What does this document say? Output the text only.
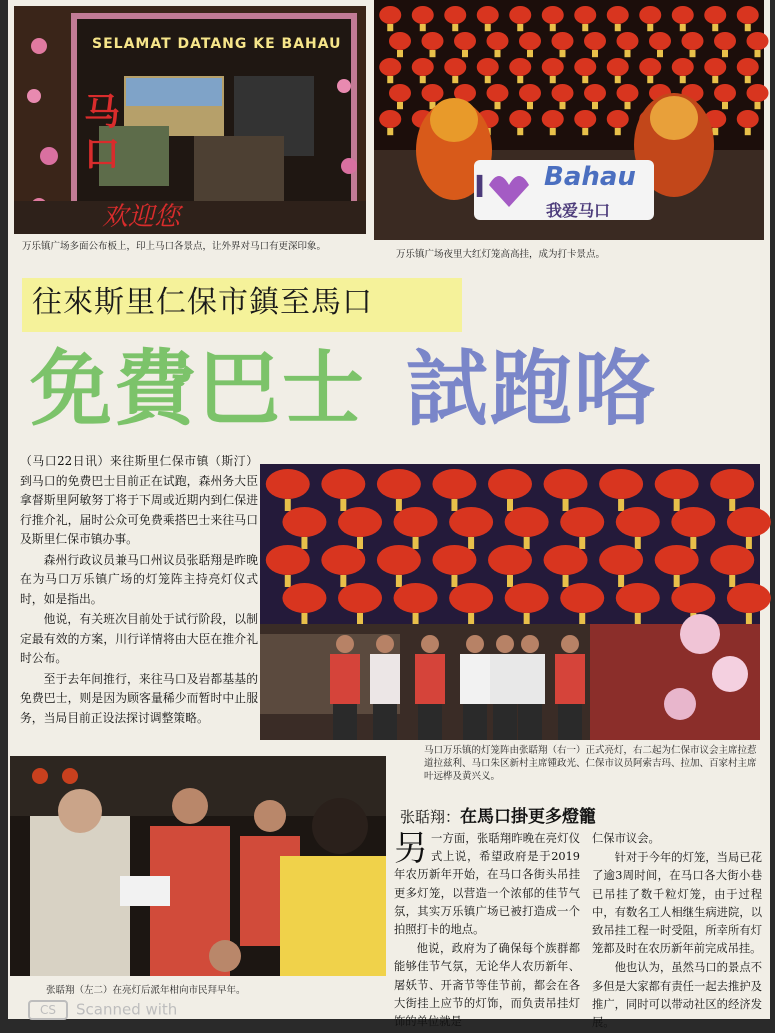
SELAMAT DATANG KE BAHAU
马口
欢迎您
万乐镇广场多面公布板上，印上马口各景点，让外界对马口有更深印象。
I Bahau
我爱马口
万乐镇广场夜里大红灯笼高高挂，成为打卡景点。
往來斯里仁保市鎮至馬口
免費巴士 試跑咯

（马口22日讯）来往斯里仁保市镇（斯汀）到马口的免费巴士目前正在试跑，森州务大臣拿督斯里阿敏努丁将于下周或近期内到仁保进行推介礼，届时公众可免费乘搭巴士来往马口及斯里仁保市镇办事。

森州行政议员兼马口州议员张聒翔是昨晚在为马口万乐镇广场的灯笼阵主持亮灯仪式时，如是指出。

他说，有关班次目前处于试行阶段，以制定最有效的方案，川行详情将由大臣在推介礼时公布。

至于去年间推行，来往马口及岩都基基的免费巴士，则是因为顾客量稀少而暂时中止服务，当局目前正设法探讨调整策略。

马口万乐镇的灯笼阵由张聒翔（右一）正式亮灯，右二起为仁保市议会主席拉惹道拉兹利、马口朱区新村主席锺政光、仁保市议员阿索吉玛、拉加、百家村主席叶远桦及黄兴义。
张聒翔（左二）在亮灯后派年柑向市民拜早年。
张聒翔：在馬口掛更多燈籠

另一方面，张聒翔昨晚在亮灯仪式上说，希望政府是于2019年农历新年开始，在马口各街头吊挂更多灯笼，以营造一个浓郁的佳节气氛，其实万乐镇广场已被打造成一个拍照打卡的地点。

他说，政府为了确保每个族群都能够佳节气氛，无论华人农历新年、屠妖节、开斋节等佳节前，都会在各大街挂上应节的灯饰，而负责吊挂灯饰的单位就是

仁保市议会。

针对于今年的灯笼，当局已花了逾3周时间，在马口各大街小巷已吊挂了数千粒灯笼，由于过程中，有数名工人相继生病进院，以致吊挂工程一时受阻，所幸所有灯笼都及时在农历新年前完成吊挂。

他也认为，虽然马口的景点不多但是大家都有责任一起去推护及推广，同时可以带动社区的经济发展。

CS Scanned with
